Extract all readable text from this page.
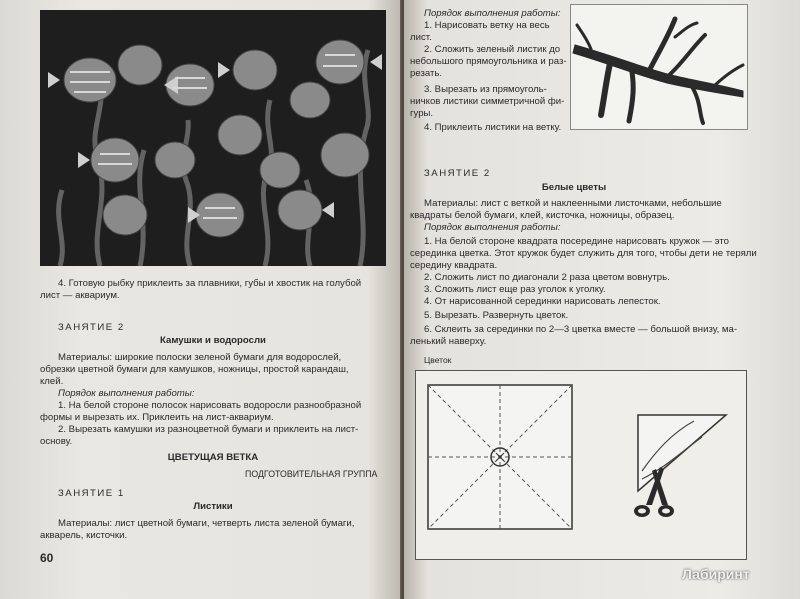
4. Готовую рыбку приклеить за плавники, губы и хвостик на голубой
лист — аквариум.
ЗАНЯТИЕ 2
Камушки и водоросли
Материалы: широкие полоски зеленой бумаги для водорослей,
обрезки цветной бумаги для камушков, ножницы, простой карандаш,
клей.
Порядок выполнения работы:
1. На белой стороне полосок нарисовать водоросли разнообразной
формы и вырезать их. Приклеить на лист-аквариум.
2. Вырезать камушки из разноцветной бумаги и приклеить на лист-
основу.
ЦВЕТУЩАЯ ВЕТКА
ПОДГОТОВИТЕЛЬНАЯ ГРУППА
ЗАНЯТИЕ 1
Листики
Материалы: лист цветной бумаги, четверть листа зеленой бумаги,
акварель, кисточки.
60
Порядок выполнения работы:
1. Нарисовать ветку на весь
лист.
2. Сложить зеленый листик до
небольшого прямоугольника и раз-
резать.
3. Вырезать из прямоуголь-
ничков листики симметричной фи-
гуры.
4. Приклеить листики на ветку.
ЗАНЯТИЕ 2
Белые цветы
Материалы: лист с веткой и наклеенными листочками, небольшие
квадраты белой бумаги, клей, кисточка, ножницы, образец.
Порядок выполнения работы:
1. На белой стороне квадрата посередине нарисовать кружок — это
серединка цветка. Этот кружок будет служить для того, чтобы дети не теряли
середину квадрата.
2. Сложить лист по диагонали 2 раза цветом вовнутрь.
3. Сложить лист еще раз уголок к уголку.
4. От нарисованной серединки нарисовать лепесток.
5. Вырезать. Развернуть цветок.
6. Склеить за серединки по 2—3 цветка вместе — большой внизу, ма-
ленький наверху.
Цветок
Лабиринт
